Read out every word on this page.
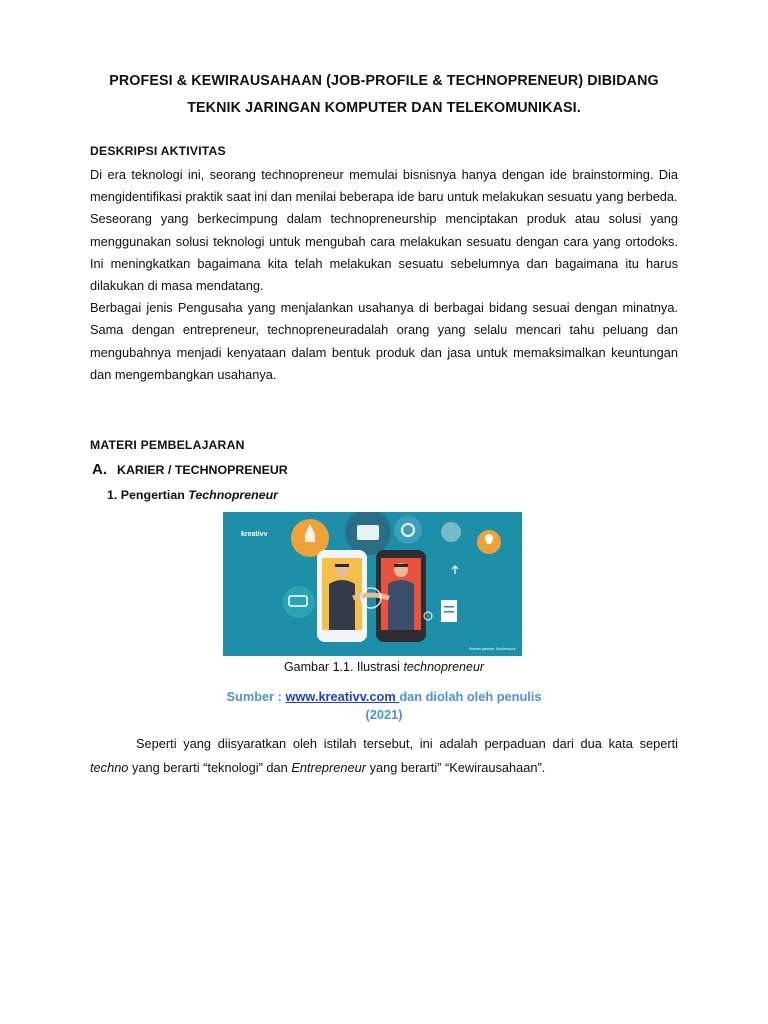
PROFESI & KEWIRAUSAHAAN (JOB-PROFILE & TECHNOPRENEUR) DIBIDANG
TEKNIK JARINGAN KOMPUTER DAN TELEKOMUNIKASI.
DESKRIPSI AKTIVITAS

Di era teknologi ini, seorang technopreneur memulai bisnisnya hanya dengan ide brainstorming. Dia mengidentifikasi praktik saat ini dan menilai beberapa ide baru untuk melakukan sesuatu yang berbeda.

Seseorang yang berkecimpung dalam technopreneurship menciptakan produk atau solusi yang menggunakan solusi teknologi untuk mengubah cara melakukan sesuatu dengan cara yang ortodoks. Ini meningkatkan bagaimana kita telah melakukan sesuatu sebelumnya dan bagaimana itu harus dilakukan di masa mendatang.

Berbagai jenis Pengusaha yang menjalankan usahanya di berbagai bidang sesuai dengan minatnya. Sama dengan entrepreneur, technopreneuradalah orang yang selalu mencari tahu peluang dan mengubahnya menjadi kenyataan dalam bentuk produk dan jasa untuk memaksimalkan keuntungan dan mengembangkan usahanya.

MATERI PEMBELAJARAN
A. KARIER / TECHNOPRENEUR
1. Pengertian Technopreneur
kreativv
Sumber gambar: Shutterstock
Gambar 1.1. Ilustrasi technopreneur
Sumber : www.kreativv.com dan diolah oleh penulis
(2021)

Seperti yang diisyaratkan oleh istilah tersebut, ini adalah perpaduan dari dua kata seperti techno yang berarti “teknologi” dan Entrepreneur yang berarti” “Kewirausahaan”.
